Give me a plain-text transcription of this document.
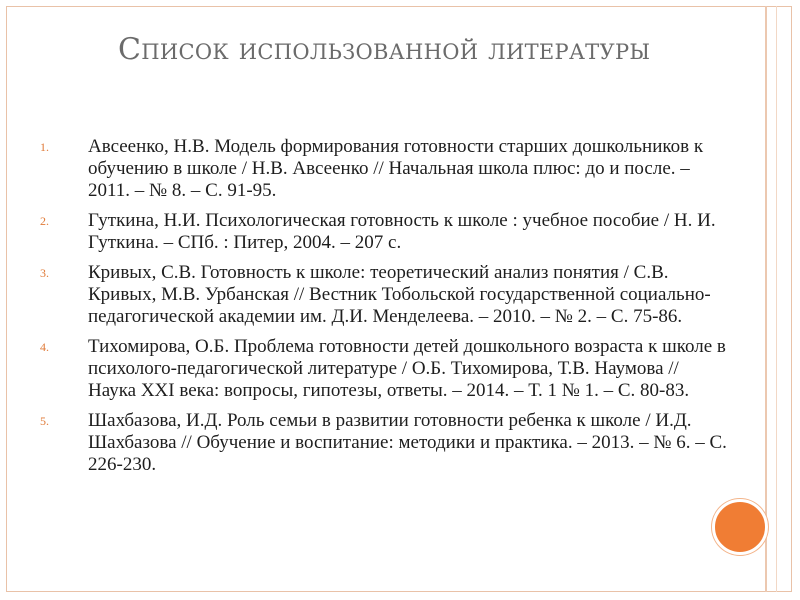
Список использованной литературы
1.	Авсеенко, Н.В. Модель формирования готовности старших дошкольников к обучению в школе / Н.В. Авсеенко // Начальная школа плюс: до и после. – 2011. – № 8. – С. 91-95.
2.	Гуткина, Н.И. Психологическая готовность к школе : учебное пособие / Н. И. Гуткина. – СПб. : Питер, 2004. – 207 с.
3.	Кривых, С.В. Готовность к школе: теоретический анализ понятия / С.В. Кривых, М.В. Урбанская // Вестник Тобольской государственной социально-педагогической академии им. Д.И. Менделеева. – 2010. – № 2. – С. 75-86.
4.	Тихомирова, О.Б. Проблема готовности детей дошкольного возраста к школе в психолого-педагогической литературе / О.Б. Тихомирова, Т.В. Наумова // Наука XXI века: вопросы, гипотезы, ответы. – 2014. – Т. 1 № 1. – С. 80-83.
5.	Шахбазова, И.Д. Роль семьи в развитии готовности ребенка к школе / И.Д. Шахбазова // Обучение и воспитание: методики и практика. – 2013. – № 6. – С. 226-230.
